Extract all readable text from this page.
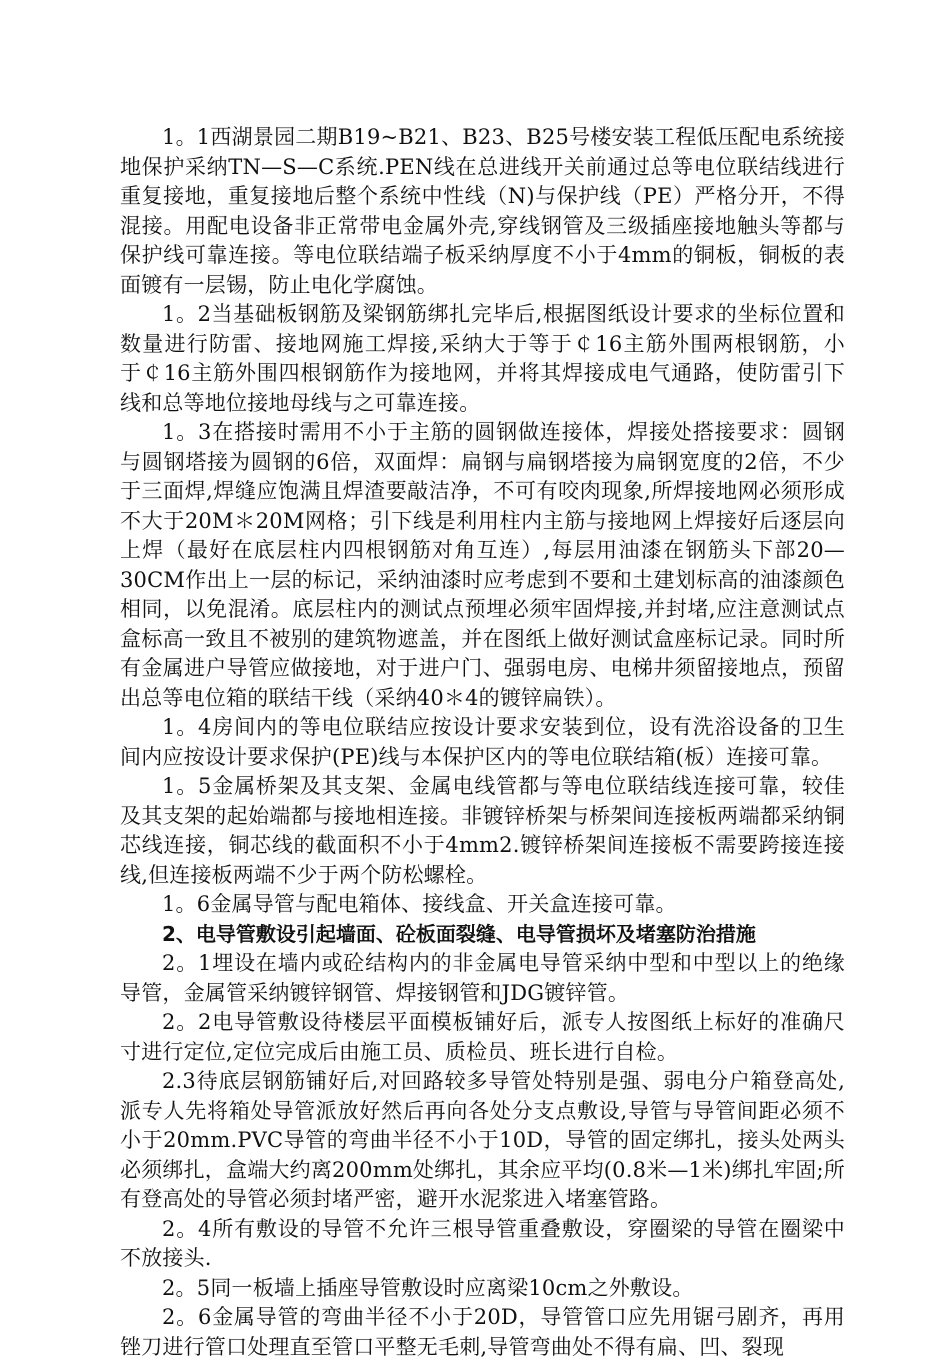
1。1西湖景园二期B19~B21、B23、B25号楼安装工程低压配电系统接地保护采纳TN—S—C系统.PEN线在总进线开关前通过总等电位联结线进行重复接地，重复接地后整个系统中性线（N)与保护线（PE）严格分开，不得混接。用配电设备非正常带电金属外壳,穿线钢管及三级插座接地触头等都与保护线可靠连接。等电位联结端子板采纳厚度不小于4mm的铜板，铜板的表面镀有一层锡，防止电化学腐蚀。

1。2当基础板钢筋及梁钢筋绑扎完毕后,根据图纸设计要求的坐标位置和数量进行防雷、接地网施工焊接,采纳大于等于￠16主筋外围两根钢筋，小于￠16主筋外围四根钢筋作为接地网，并将其焊接成电气通路，使防雷引下线和总等地位接地母线与之可靠连接。

1。3在搭接时需用不小于主筋的圆钢做连接体，焊接处搭接要求：圆钢与圆钢塔接为圆钢的6倍，双面焊：扁钢与扁钢塔接为扁钢宽度的2倍，不少于三面焊,焊缝应饱满且焊渣要敲洁净，不可有咬肉现象,所焊接地网必须形成不大于20M＊20M网格；引下线是利用柱内主筋与接地网上焊接好后逐层向上焊（最好在底层柱内四根钢筋对角互连）,每层用油漆在钢筋头下部20—30CM作出上一层的标记，采纳油漆时应考虑到不要和土建划标高的油漆颜色相同，以免混淆。底层柱内的测试点预埋必须牢固焊接,并封堵,应注意测试点盒标高一致且不被别的建筑物遮盖，并在图纸上做好测试盒座标记录。同时所有金属进户导管应做接地，对于进户门、强弱电房、电梯井须留接地点，预留出总等电位箱的联结干线（采纳40＊4的镀锌扁铁）。

1。4房间内的等电位联结应按设计要求安装到位，设有洗浴设备的卫生间内应按设计要求保护(PE)线与本保护区内的等电位联结箱(板）连接可靠。

1。5金属桥架及其支架、金属电线管都与等电位联结线连接可靠，较佳及其支架的起始端都与接地相连接。非镀锌桥架与桥架间连接板两端都采纳铜芯线连接，铜芯线的截面积不小于4mm2.镀锌桥架间连接板不需要跨接连接线,但连接板两端不少于两个防松螺栓。

1。6金属导管与配电箱体、接线盒、开关盒连接可靠。

2、电导管敷设引起墙面、砼板面裂缝、电导管损坏及堵塞防治措施

2。1埋设在墙内或砼结构内的非金属电导管采纳中型和中型以上的绝缘导管，金属管采纳镀锌钢管、焊接钢管和JDG镀锌管。

2。2电导管敷设待楼层平面模板铺好后，派专人按图纸上标好的准确尺寸进行定位,定位完成后由施工员、质检员、班长进行自检。

2.3待底层钢筋铺好后,对回路较多导管处特别是强、弱电分户箱登高处,派专人先将箱处导管派放好然后再向各处分支点敷设,导管与导管间距必须不小于20mm.PVC导管的弯曲半径不小于10D，导管的固定绑扎，接头处两头必须绑扎，盒端大约离200mm处绑扎，其余应平均(0.8米—1米)绑扎牢固;所有登高处的导管必须封堵严密，避开水泥浆进入堵塞管路。

2。4所有敷设的导管不允许三根导管重叠敷设，穿圈梁的导管在圈梁中不放接头.

2。5同一板墙上插座导管敷设时应离梁10cm之外敷设。

2。6金属导管的弯曲半径不小于20D，导管管口应先用锯弓剧齐，再用锉刀进行管口处理直至管口平整无毛刺,导管弯曲处不得有扁、凹、裂现
